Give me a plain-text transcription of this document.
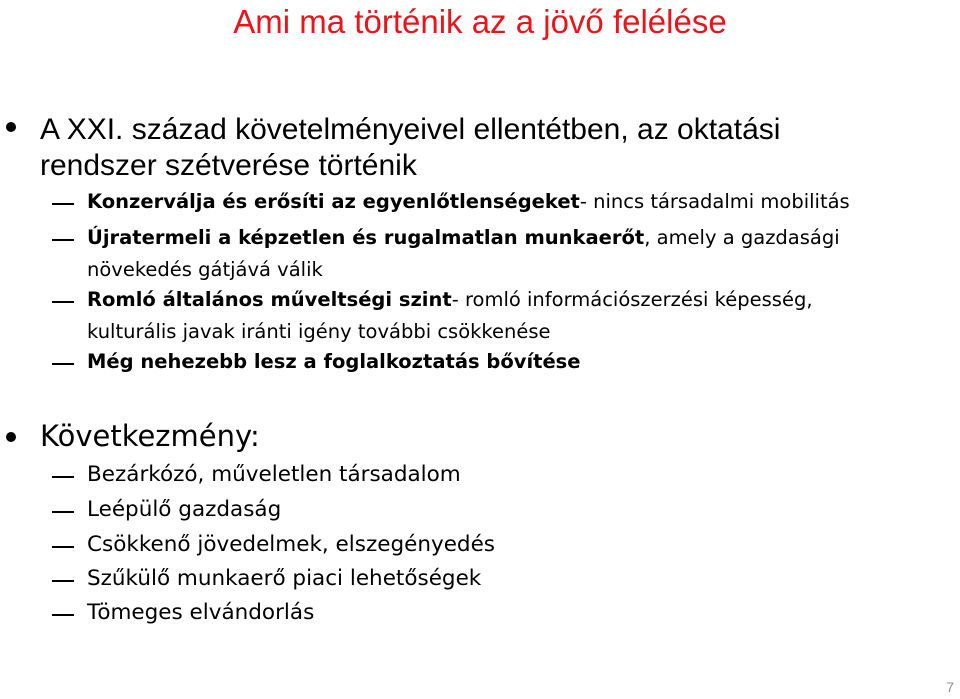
Ami ma történik az a jövő felélése
A XXI. század követelményeivel ellentétben, az oktatási
rendszer szétverése történik
Konzerválja és erősíti az egyenlőtlenségeket- nincs társadalmi mobilitás
Újratermeli a képzetlen és rugalmatlan munkaerőt, amely a gazdasági
növekedés gátjává válik
Romló általános műveltségi szint- romló információszerzési képesség,
kulturális javak iránti igény további csökkenése
Még nehezebb lesz a foglalkoztatás bővítése
Következmény:
Bezárkózó, műveletlen társadalom
Leépülő gazdaság
Csökkenő jövedelmek, elszegényedés
Szűkülő munkaerő piaci lehetőségek
Tömeges elvándorlás
7
